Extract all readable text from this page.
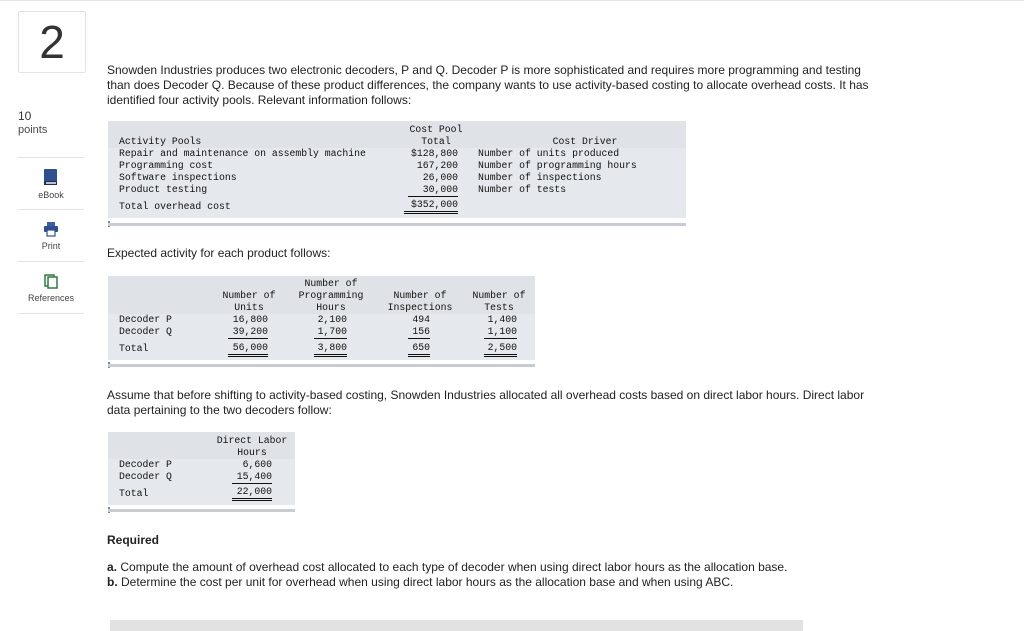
2
10
points
eBook
Print
References
Snowden Industries produces two electronic decoders, P and Q. Decoder P is more sophisticated and requires more programming and testing than does Decoder Q. Because of these product differences, the company wants to use activity-based costing to allocate overhead costs. It has identified four activity pools. Relevant information follows:
Activity Pools
Cost Pool
Total	Cost Driver
Repair and maintenance on assembly machine	$128,800 Number of units produced
Programming cost	167,200 Number of programming hours
Software inspections	26,000 Number of inspections
Product testing	30,000 Number of tests
Total overhead cost	$352,000
Expected activity for each product follows:
Number of
Units
Number of
Programming
Hours
Number of
Inspections
Number of
Tests
Decoder P	16,800	2,100	494	1,400
Decoder Q	39,200	1,700	156	1,100
Total	56,000	3,800	650	2,500
Assume that before shifting to activity-based costing, Snowden Industries allocated all overhead costs based on direct labor hours. Direct labor data pertaining to the two decoders follow:
Direct Labor
Hours
Decoder P	6,600
Decoder Q	15,400
Total	22,000
Required
a. Compute the amount of overhead cost allocated to each type of decoder when using direct labor hours as the allocation base.
b. Determine the cost per unit for overhead when using direct labor hours as the allocation base and when using ABC.
